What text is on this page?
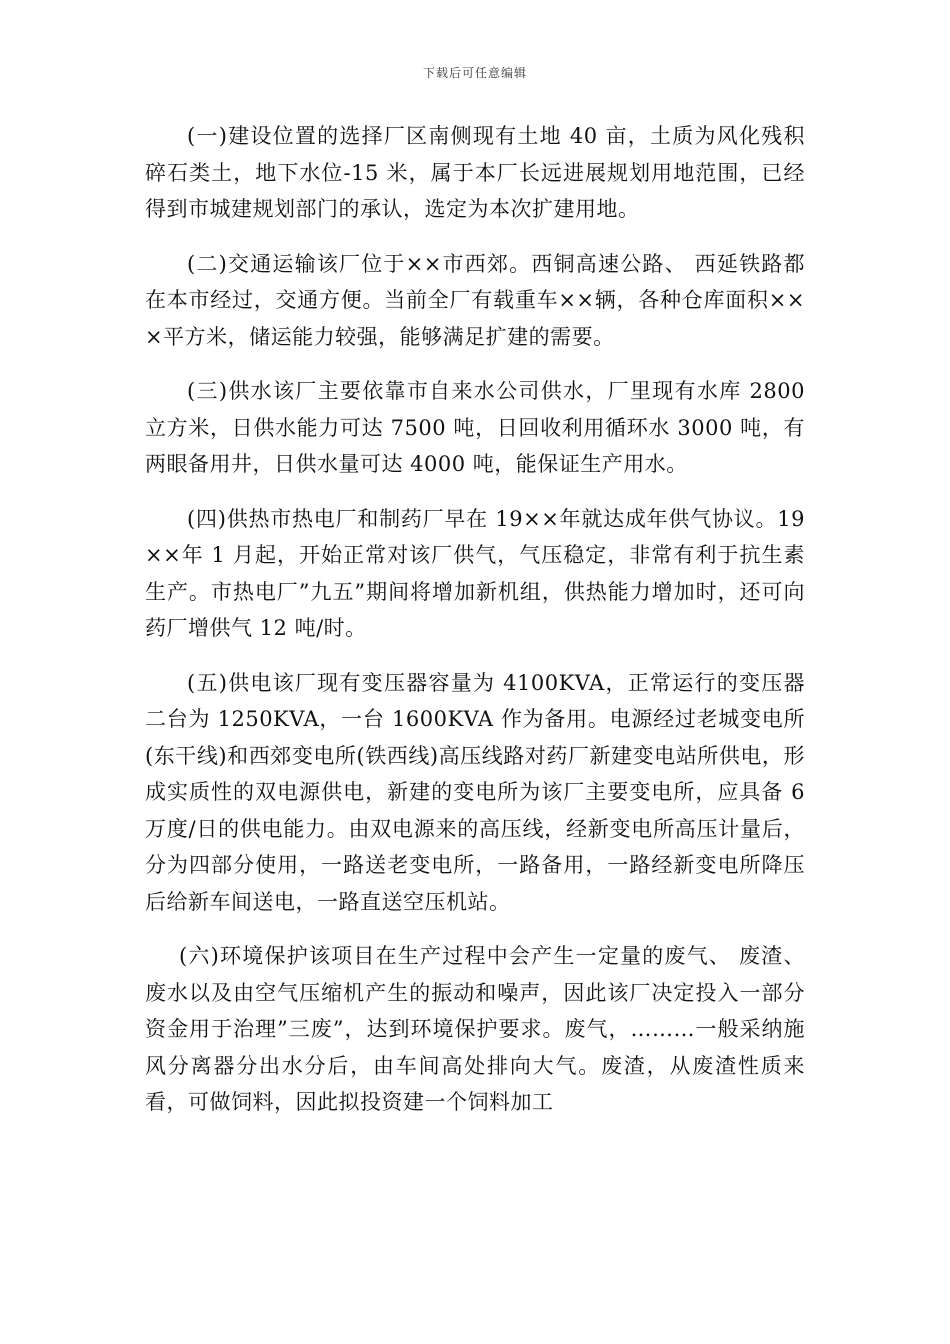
下载后可任意编辑

(一)建设位置的选择厂区南侧现有土地 40 亩，土质为风化残积碎石类土，地下水位-15 米，属于本厂长远进展规划用地范围，已经得到市城建规划部门的承认，选定为本次扩建用地。

(二)交通运输该厂位于××市西郊。西铜高速公路、 西延铁路都在本市经过，交通方便。当前全厂有载重车××辆，各种仓库面积×××平方米，储运能力较强，能够满足扩建的需要。

(三)供水该厂主要依靠市自来水公司供水，厂里现有水库 2800 立方米，日供水能力可达 7500 吨，日回收利用循环水 3000 吨，有两眼备用井，日供水量可达 4000 吨，能保证生产用水。

(四)供热市热电厂和制药厂早在 19××年就达成年供气协议。19××年 1 月起，开始正常对该厂供气，气压稳定，非常有利于抗生素生产。市热电厂”九五”期间将增加新机组，供热能力增加时，还可向药厂增供气 12 吨/时。

(五)供电该厂现有变压器容量为 4100KVA，正常运行的变压器二台为 1250KVA，一台 1600KVA 作为备用。电源经过老城变电所(东干线)和西郊变电所(铁西线)高压线路对药厂新建变电站所供电，形成实质性的双电源供电，新建的变电所为该厂主要变电所，应具备 6 万度/日的供电能力。由双电源来的高压线，经新变电所高压计量后，分为四部分使用，一路送老变电所，一路备用，一路经新变电所降压后给新车间送电，一路直送空压机站。

(六)环境保护该项目在生产过程中会产生一定量的废气、 废渣、 废水以及由空气压缩机产生的振动和噪声，因此该厂决定投入一部分资金用于治理”三废”，达到环境保护要求。废气，………一般采纳施风分离器分出水分后，由车间高处排向大气。废渣，从废渣性质来看，可做饲料，因此拟投资建一个饲料加工
